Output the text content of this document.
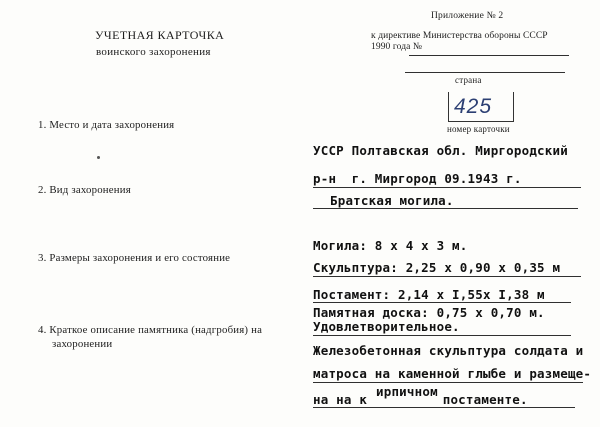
УЧЕТНАЯ КАРТОЧКА
воинского захоронения
Приложение № 2
к директиве Министерства обороны СССР
1990 года №
страна
425
номер карточки
1. Место и дата захоронения
2. Вид захоронения
3. Размеры захоронения и его состояние
4. Краткое описание памятника (надгробия) на
захоронении
УССР Полтавская обл. Миргородский
р-н  г. Миргород 09.1943 г.
Братская могила.
Могила: 8 х 4 х 3 м.
Скульптура: 2,25 х 0,90 х 0,35 м
Постамент: 2,14 х I,55х I,38 м
Памятная доска: 0,75 х 0,70 м.
Удовлетворительное.
Железобетонная скульптура солдата и
матроса на каменной глыбе и размеще-
на на к
ирпичном
постаменте.
